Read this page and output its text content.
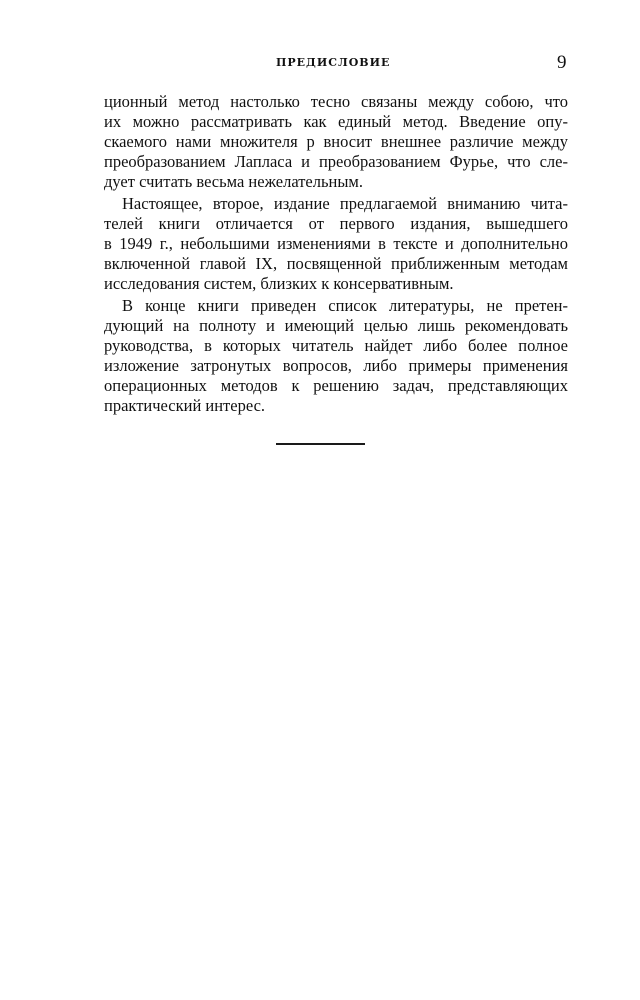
ПРЕДИСЛОВИЕ	9
ционный метод настолько тесно связаны между собою, что
их можно рассматривать как единый метод. Введение опу-
скаемого нами множителя p вносит внешнее различие между
преобразованием Лапласа и преобразованием Фурье, что сле-
дует считать весьма нежелательным.
Настоящее, второе, издание предлагаемой вниманию чита-
телей книги отличается от первого издания, вышедшего
в 1949 г., небольшими изменениями в тексте и дополнительно
включенной главой IX, посвященной приближенным методам
исследования систем, близких к консервативным.
В конце книги приведен список литературы, не претен-
дующий на полноту и имеющий целью лишь рекомендовать
руководства, в которых читатель найдет либо более полное
изложение затронутых вопросов, либо примеры применения
операционных методов к решению задач, представляющих
практический интерес.
